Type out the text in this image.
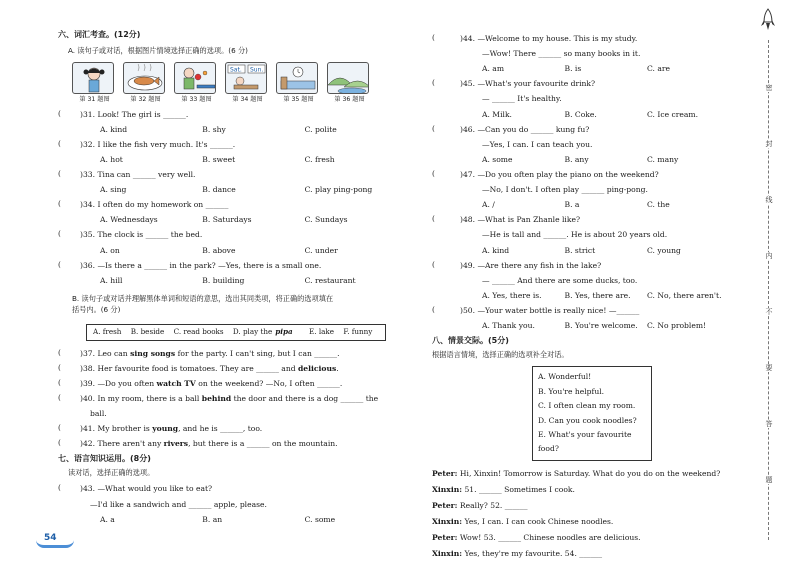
六、词汇考查。(12分)
A. 读句子或对话，根据图片情境选择正确的选项。(6 分)
第 31 题图	第 32 题图	第 33 题图
Sat. Sun.
第 34 题图	第 35 题图	第 36 题图
(	)31. Look! The girl is ______.
A. kind	B. shy	C. polite
(	)32. I like the fish very much. It's ______.
A. hot	B. sweet	C. fresh
(	)33. Tina can ______ very well.
A. sing	B. dance	C. play ping-pong
(	)34. I often do my homework on ______
A. Wednesdays	B. Saturdays	C. Sundays
(	)35. The clock is ______ the bed.
A. on	B. above	C. under
(	)36. —Is there a ______ in the park? —Yes, there is a small one.
A. hill	B. building	C. restaurant
B. 读句子或对话并理解黑体单词和短语的意思，选出其同类项，将正确的选项填在
括号内。(6 分)
A. fresh B. beside C. read books D. play the pipa E. lake F. funny
(	)37. Leo can sing songs for the party. I can't sing, but I can ______.
(	)38. Her favourite food is tomatoes. They are ______ and delicious.
(	)39. —Do you often watch TV on the weekend? —No, I often ______.
(	)40. In my room, there is a ball behind the door and there is a dog ______ the
ball.
(	)41. My brother is young, and he is ______, too.
(	)42. There aren't any rivers, but there is a ______ on the mountain.
七、语言知识运用。(8分)
读对话，选择正确的选项。
(	)43. —What would you like to eat?
—I'd like a sandwich and ______ apple, please.
A. a	B. an	C. some
54
(	)44. —Welcome to my house. This is my study.
—Wow! There ______ so many books in it.
A. am	B. is	C. are
(	)45. —What's your favourite drink?
— ______ It's healthy.
A. Milk.	B. Coke.	C. Ice cream.
(	)46. —Can you do ______ kung fu?
—Yes, I can. I can teach you.
A. some	B. any	C. many
(	)47. —Do you often play the piano on the weekend?
—No, I don't. I often play ______ ping-pong.
A. /	B. a	C. the
(	)48. —What is Pan Zhanle like?
—He is tall and ______. He is about 20 years old.
A. kind	B. strict	C. young
(	)49. —Are there any fish in the lake?
— ______ And there are some ducks, too.
A. Yes, there is.	B. Yes, there are.	C. No, there aren't.
(	)50. —Your water bottle is really nice! —______
A. Thank you.	B. You're welcome.	C. No problem!
八、情景交际。(5分)
根据语言情境，选择正确的选项补全对话。
A. Wonderful!
B. You're helpful.
C. I often clean my room.
D. Can you cook noodles?
E. What's your favourite food?
Peter: Hi, Xinxin! Tomorrow is Saturday. What do you do on the weekend?
Xinxin: 51. ______ Sometimes I cook.
Peter: Really? 52. ______
Xinxin: Yes, I can. I can cook Chinese noodles.
Peter: Wow! 53. ______ Chinese noodles are delicious.
Xinxin: Yes, they're my favourite. 54. ______
密
封
线
内
不
要
答
题
